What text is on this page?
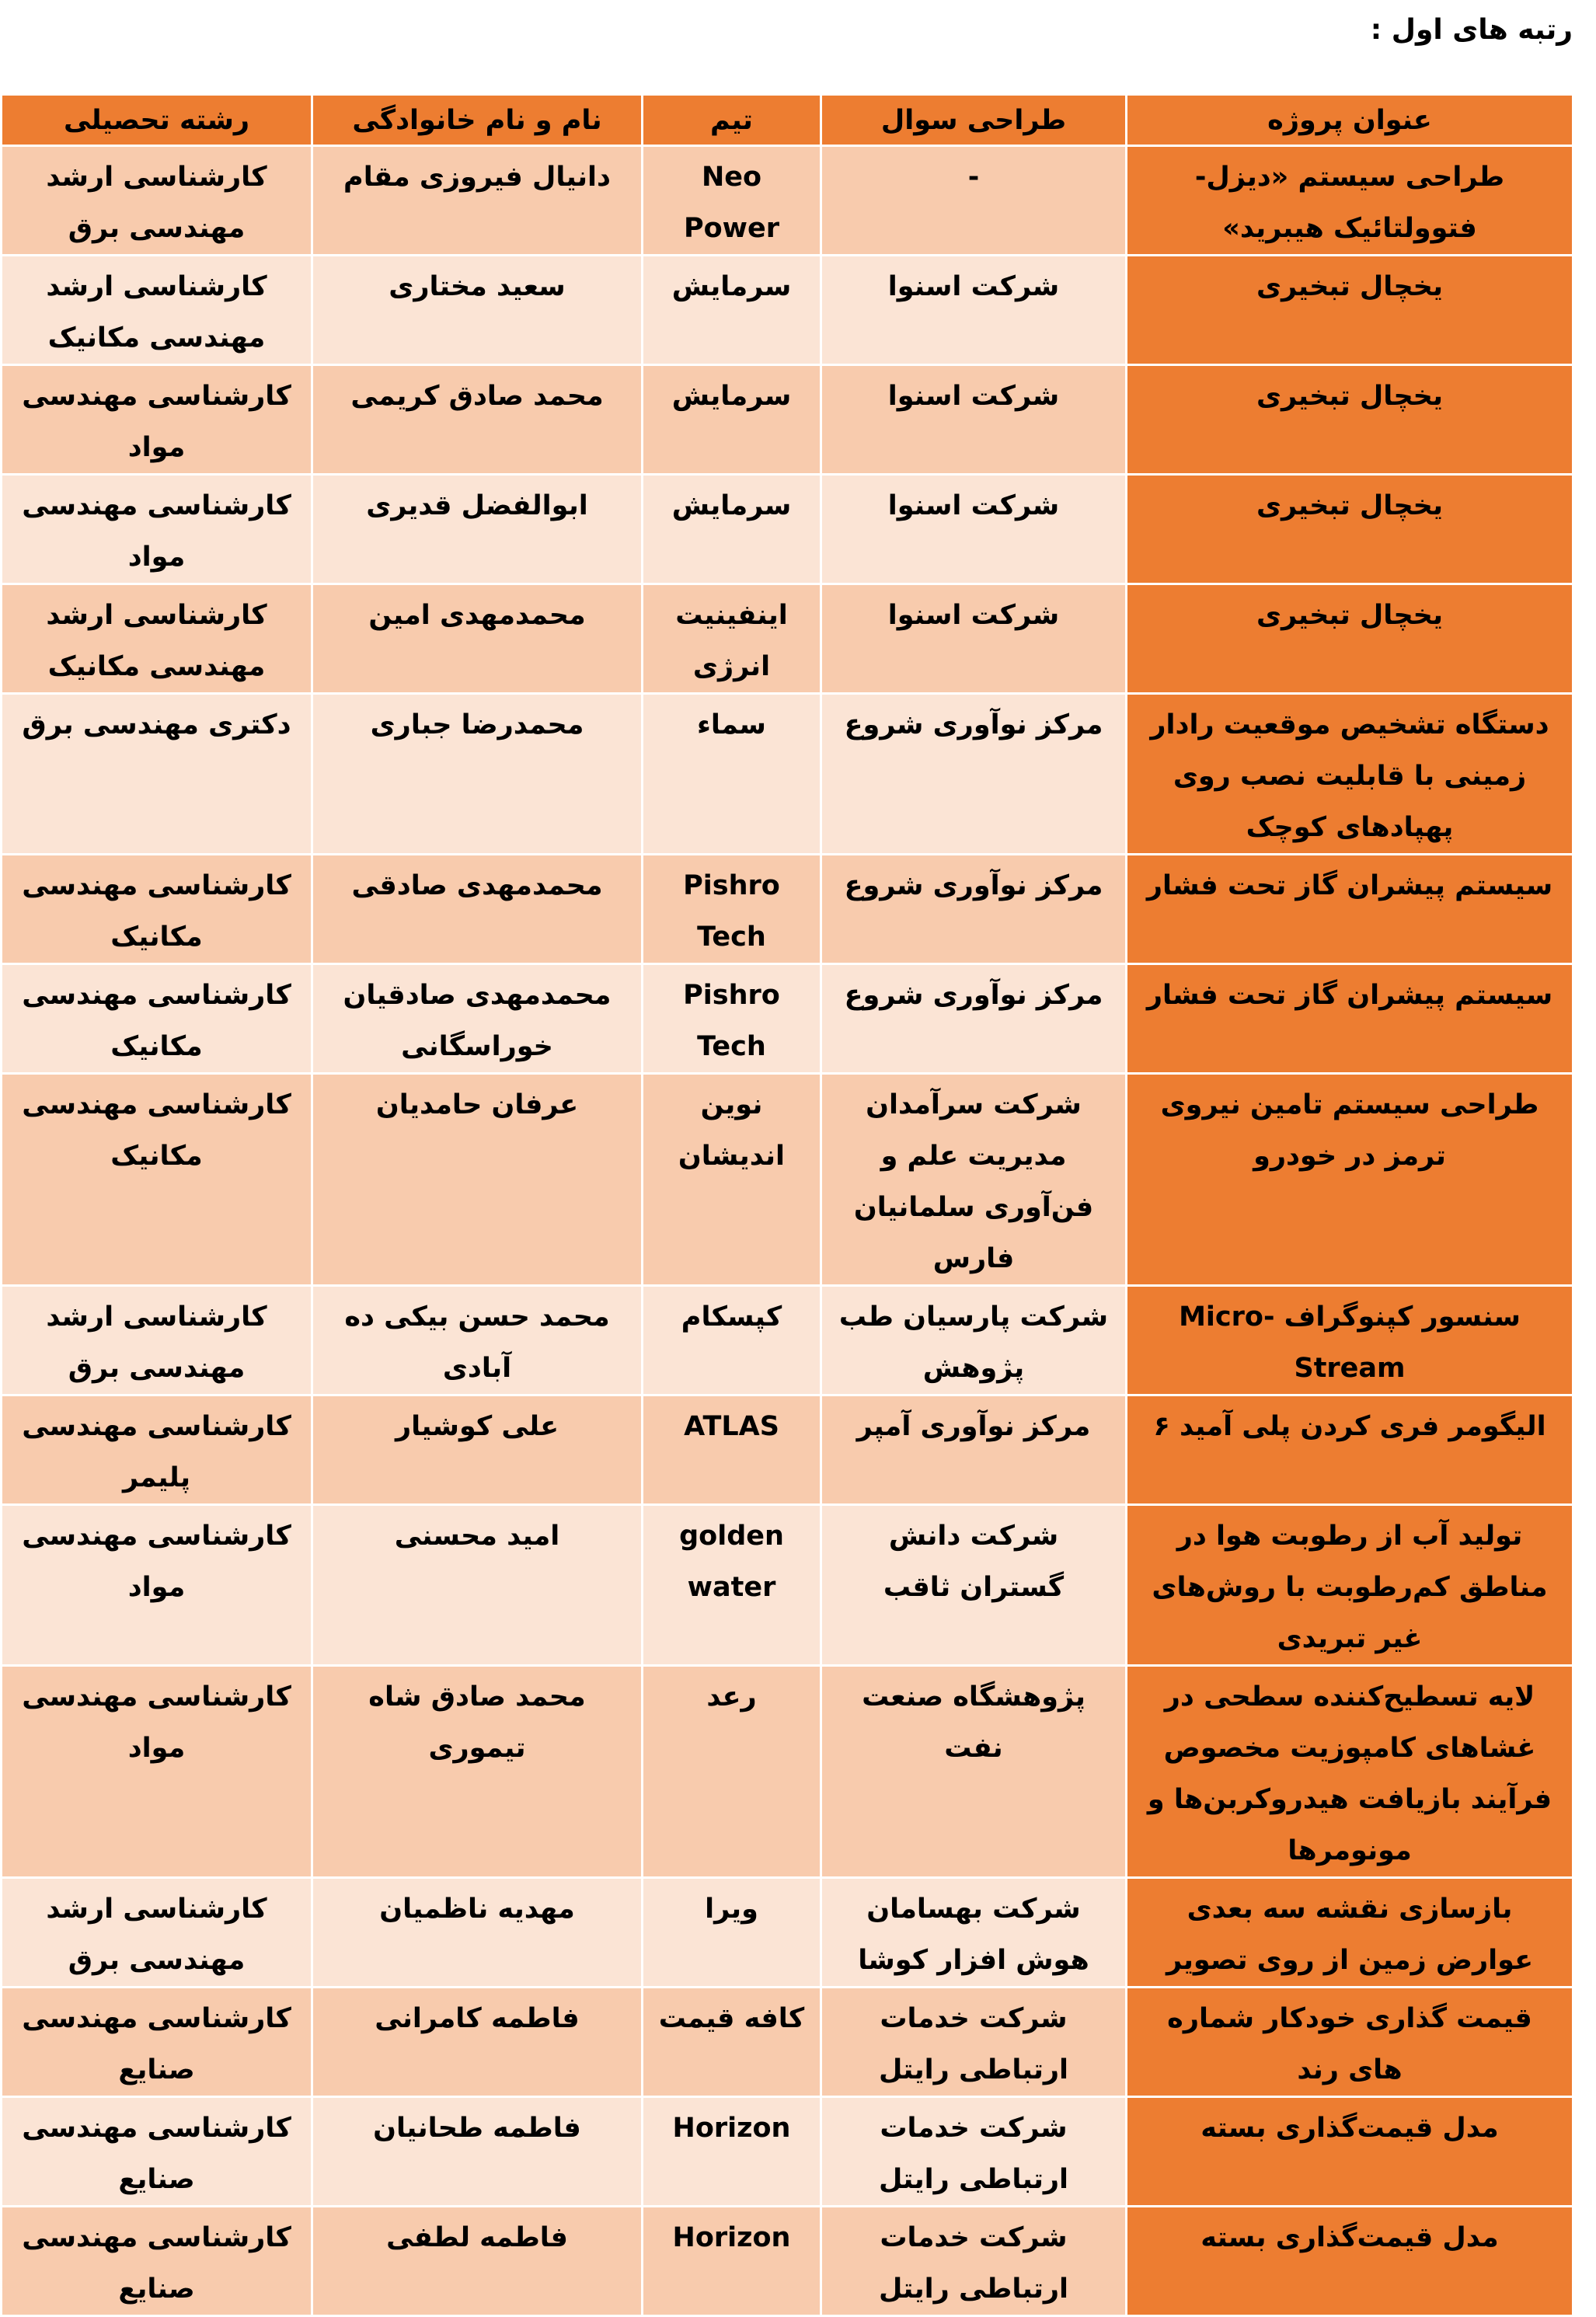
رتبه های اول :
عنوان پروژه	طراحی سوال	تیم	نام و نام خانوادگی	رشته تحصیلی
طراحی سیستم «دیزل-فتوولتائیک هیبرید»	-	Neo Power	دانیال فیروزی مقام	کارشناسی ارشد مهندسی برق
یخچال تبخیری	شرکت اسنوا	سرمایش	سعید مختاری	کارشناسی ارشد مهندسی مکانیک
یخچال تبخیری	شرکت اسنوا	سرمایش	محمد صادق کریمی	کارشناسی مهندسی مواد
یخچال تبخیری	شرکت اسنوا	سرمایش	ابوالفضل قدیری	کارشناسی مهندسی مواد
یخچال تبخیری	شرکت اسنوا	اینفینیت انرژی	محمدمهدی امین	کارشناسی ارشد مهندسی مکانیک
دستگاه تشخیص موقعیت رادار زمینی با قابلیت نصب روی پهپادهای کوچک	مرکز نوآوری شروع	سماء	محمدرضا جباری	دکتری مهندسی برق
سیستم پیشران گاز تحت فشار	مرکز نوآوری شروع	Pishro Tech	محمدمهدی صادقی	کارشناسی مهندسی مکانیک
سیستم پیشران گاز تحت فشار	مرکز نوآوری شروع	Pishro Tech	محمدمهدی صادقیان خوراسگانی	کارشناسی مهندسی مکانیک
طراحی سیستم تامین نیروی ترمز در خودرو	شرکت سرآمدان مدیریت علم و فن‌آوری سلمانیان فارس	نوین اندیشان	عرفان حامدیان	کارشناسی مهندسی مکانیک
سنسور کپنوگراف Micro-Stream	شرکت پارسیان طب پژوهش	کپسکام	محمد حسن بیکی ده آبادی	کارشناسی ارشد مهندسی برق
الیگومر فری کردن پلی آمید ۶	مرکز نوآوری آمپر	ATLAS	علی کوشیار	کارشناسی مهندسی پلیمر
تولید آب از رطوبت هوا در مناطق کم‌رطوبت با روش‌های غیر تبریدی	شرکت دانش گستران ثاقب	golden water	امید محسنی	کارشناسی مهندسی مواد
لایه تسطیح‌کننده سطحی در غشاهای کامپوزیت مخصوص فرآیند بازیافت هیدروکربن‌ها و مونومرها	پژوهشگاه صنعت نفت	رعد	محمد صادق شاه تیموری	کارشناسی مهندسی مواد
بازسازی نقشه سه بعدی عوارض زمین از روی تصویر	شرکت بهسامان هوش افزار کوشا	ویرا	مهدیه ناظمیان	کارشناسی ارشد مهندسی برق
قیمت گذاری خودکار شماره های رند	شرکت خدمات ارتباطی رایتل	کافه قیمت	فاطمه کامرانی	کارشناسی مهندسی صنایع
مدل قیمت‌گذاری بسته	شرکت خدمات ارتباطی رایتل	Horizon	فاطمه طحانیان	کارشناسی مهندسی صنایع
مدل قیمت‌گذاری بسته	شرکت خدمات ارتباطی رایتل	Horizon	فاطمه لطفی	کارشناسی مهندسی صنایع
